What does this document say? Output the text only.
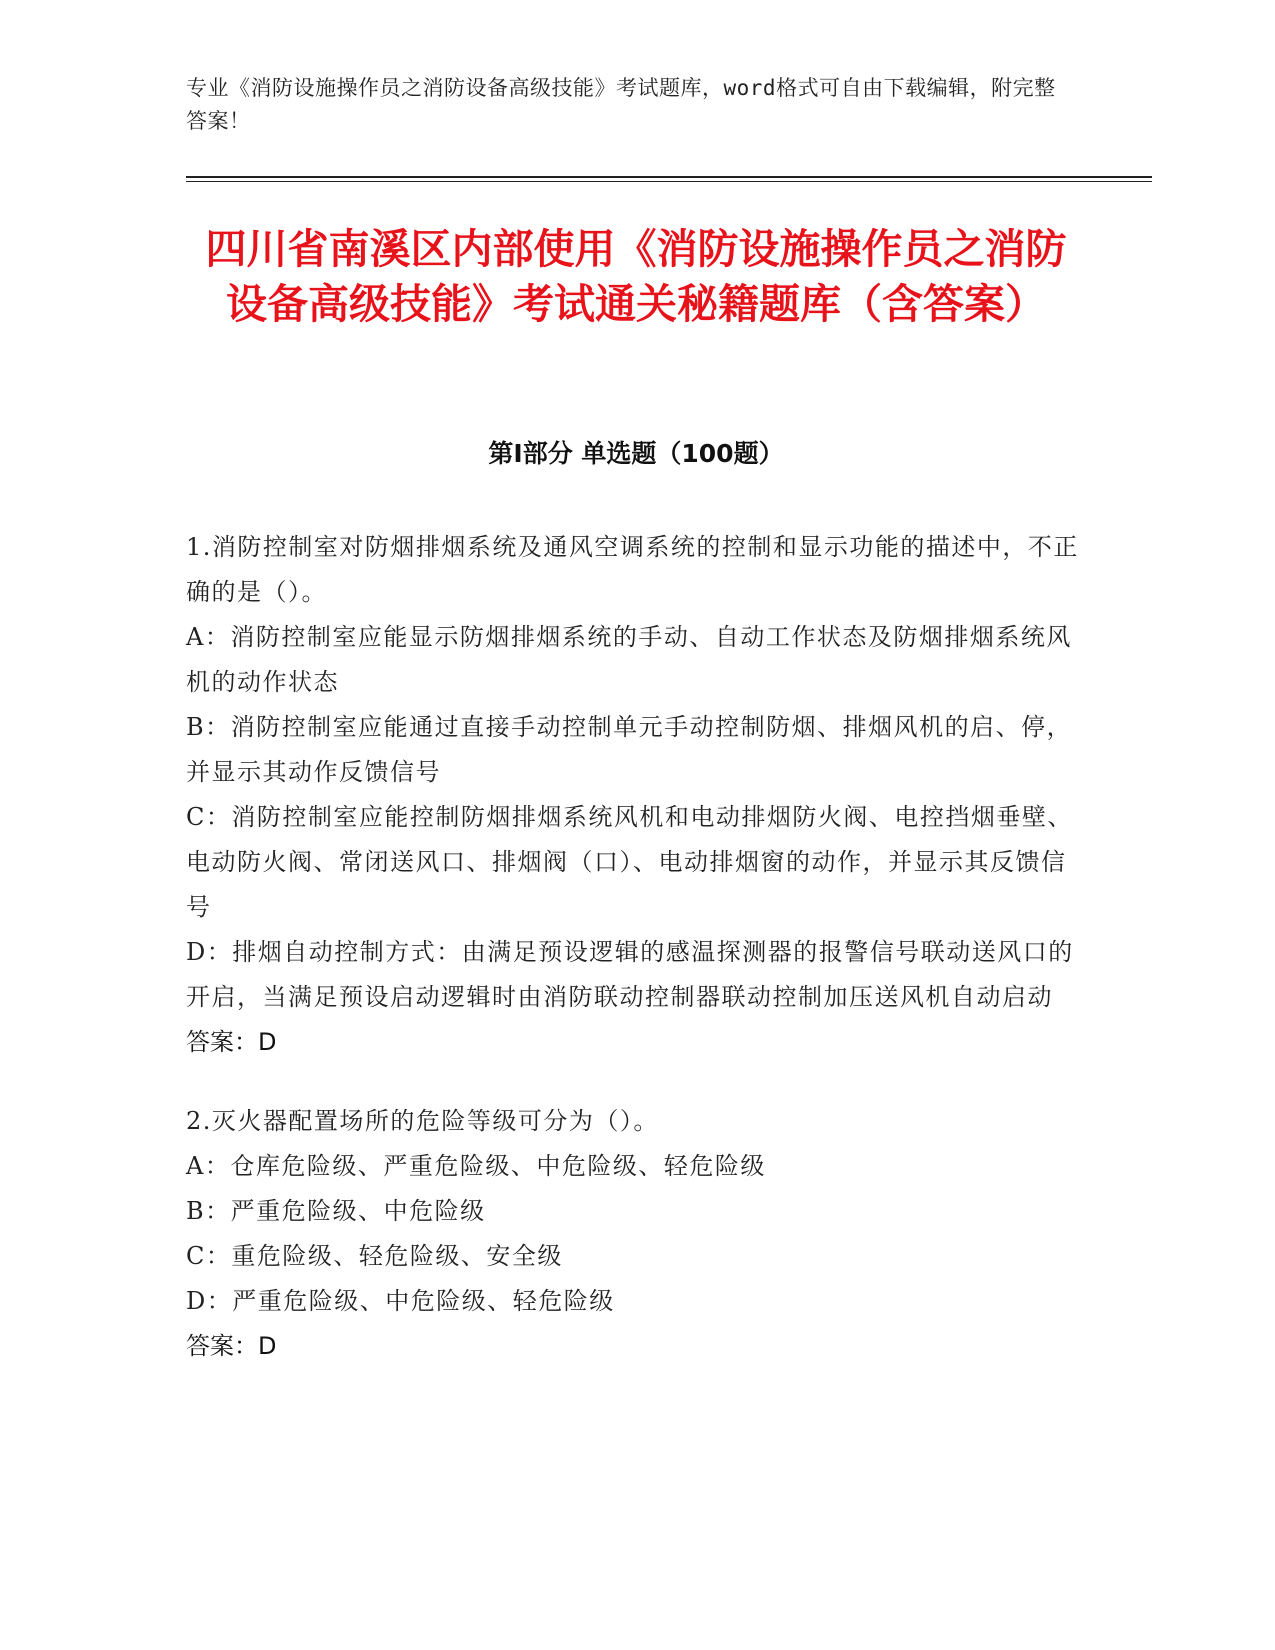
专业《消防设施操作员之消防设备高级技能》考试题库，word格式可自由下载编辑，附完整答案！
四川省南溪区内部使用《消防设施操作员之消防设备高级技能》考试通关秘籍题库（含答案）
第Ⅰ部分 单选题（100题）
1.消防控制室对防烟排烟系统及通风空调系统的控制和显示功能的描述中，不正确的是（）。
A：消防控制室应能显示防烟排烟系统的手动、自动工作状态及防烟排烟系统风机的动作状态
B：消防控制室应能通过直接手动控制单元手动控制防烟、排烟风机的启、停，并显示其动作反馈信号
C：消防控制室应能控制防烟排烟系统风机和电动排烟防火阀、电控挡烟垂壁、电动防火阀、常闭送风口、排烟阀（口）、电动排烟窗的动作，并显示其反馈信号
D：排烟自动控制方式：由满足预设逻辑的感温探测器的报警信号联动送风口的开启，当满足预设启动逻辑时由消防联动控制器联动控制加压送风机自动启动
答案：D
2.灭火器配置场所的危险等级可分为（）。
A：仓库危险级、严重危险级、中危险级、轻危险级
B：严重危险级、中危险级
C：重危险级、轻危险级、安全级
D：严重危险级、中危险级、轻危险级
答案：D
